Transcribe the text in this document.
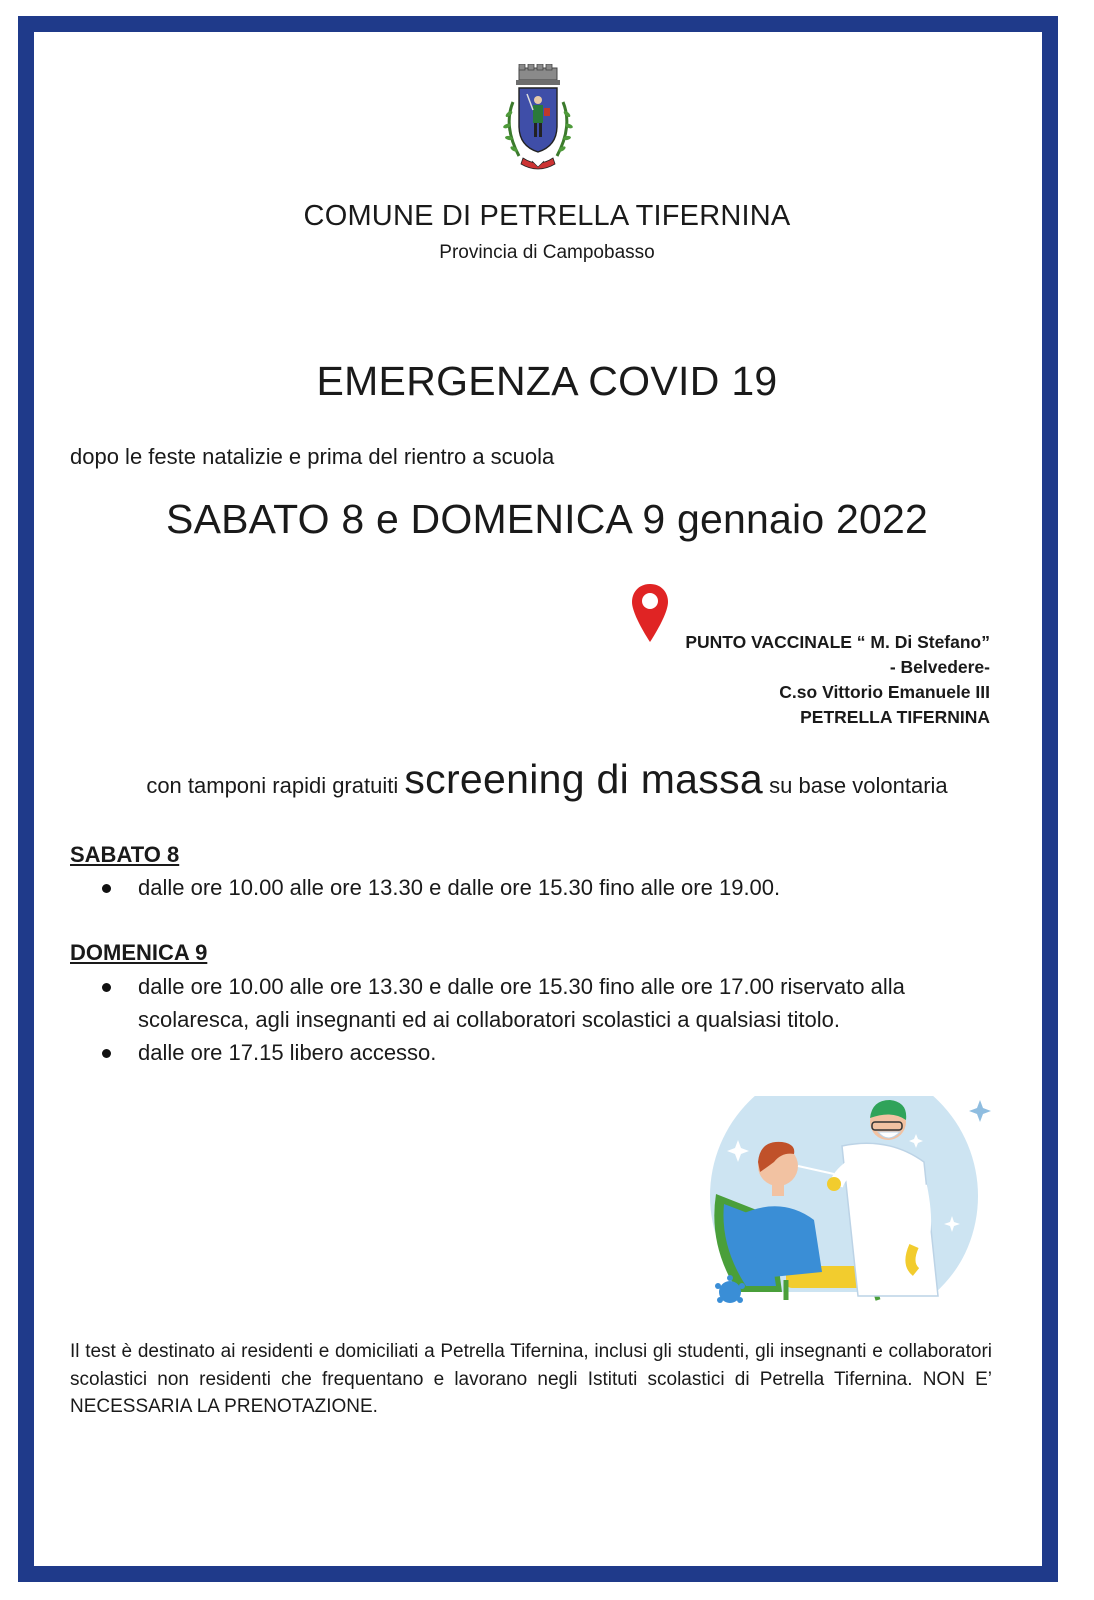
COMUNE DI PETRELLA TIFERNINA
Provincia di Campobasso
EMERGENZA COVID 19
dopo le feste natalizie e prima del rientro a scuola
SABATO 8 e DOMENICA 9 gennaio 2022
PUNTO VACCINALE “ M. Di Stefano”
- Belvedere-
C.so Vittorio Emanuele III
PETRELLA TIFERNINA
con tamponi rapidi gratuiti screening di massa su base volontaria
SABATO 8
dalle ore 10.00 alle ore 13.30 e dalle ore 15.30 fino alle ore 19.00.
DOMENICA 9
dalle ore 10.00 alle ore 13.30 e dalle ore 15.30 fino alle ore 17.00 riservato alla scolaresca, agli insegnanti ed ai collaboratori scolastici a qualsiasi titolo.
dalle ore 17.15 libero accesso.
Il test è destinato ai residenti e domiciliati a Petrella Tifernina, inclusi gli studenti, gli insegnanti e collaboratori scolastici non residenti che frequentano e lavorano negli Istituti scolastici di Petrella Tifernina. NON E’ NECESSARIA LA PRENOTAZIONE.
